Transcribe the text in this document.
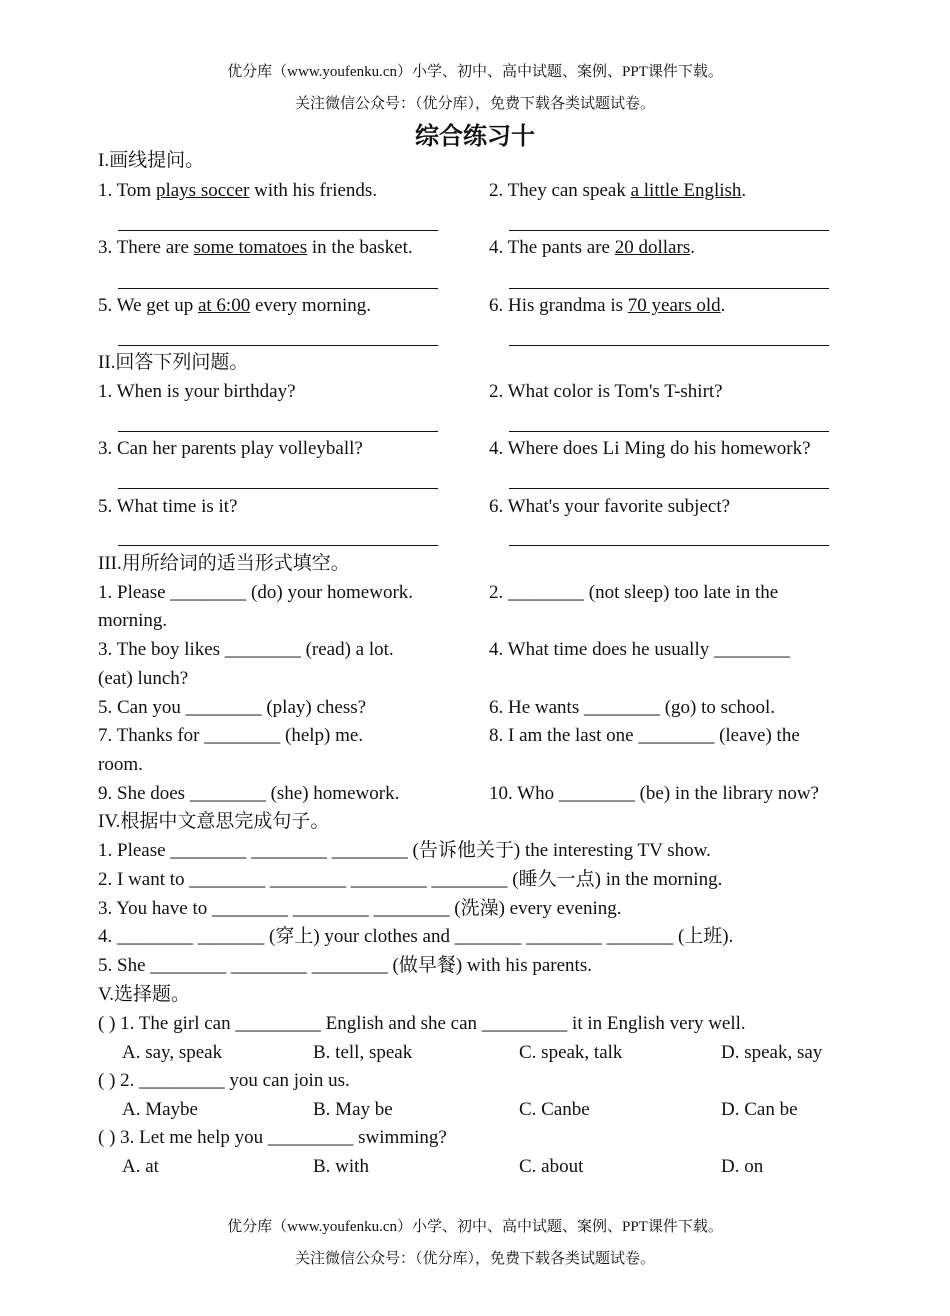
优分库（www.youfenku.cn）小学、初中、高中试题、案例、PPT课件下载。
关注微信公众号：（优分库），免费下载各类试题试卷。
综合练习十
I.画线提问。
1. Tom plays soccer with his friends.	2. They can speak a little English.
3. There are some tomatoes in the basket.	4. The pants are 20 dollars.
5. We get up at 6:00 every morning.	6. His grandma is 70 years old.
II.回答下列问题。
1. When is your birthday?	2. What color is Tom's T-shirt?
3. Can her parents play volleyball?	4. Where does Li Ming do his homework?
5. What time is it?	6. What's your favorite subject?
III.用所给词的适当形式填空。
1. Please ________ (do) your homework.	2. ________ (not sleep) too late in the
morning.
3. The boy likes ________ (read) a lot.	4. What time does he usually ________
(eat) lunch?
5. Can you ________ (play) chess?	6. He wants ________ (go) to school.
7. Thanks for ________ (help) me.	8. I am the last one ________ (leave) the
room.
9. She does ________ (she) homework.	10. Who ________ (be) in the library now?
IV.根据中文意思完成句子。
1. Please ________ ________ ________ (告诉他关于) the interesting TV show.
2. I want to ________ ________ ________ ________ (睡久一点) in the morning.
3. You have to ________ ________ ________ (洗澡) every evening.
4. ________ _______ (穿上) your clothes and _______ ________ _______ (上班).
5. She ________ ________ ________ (做早餐) with his parents.
V.选择题。
( ) 1. The girl can _________ English and she can _________ it in English very well.
A. say, speak	B. tell, speak	C. speak, talk	D. speak, say
( ) 2. _________ you can join us.
A. Maybe	B. May be	C. Canbe	D. Can be
( ) 3. Let me help you _________ swimming?
A. at	B. with	C. about	D. on
优分库（www.youfenku.cn）小学、初中、高中试题、案例、PPT课件下载。
关注微信公众号：（优分库），免费下载各类试题试卷。
